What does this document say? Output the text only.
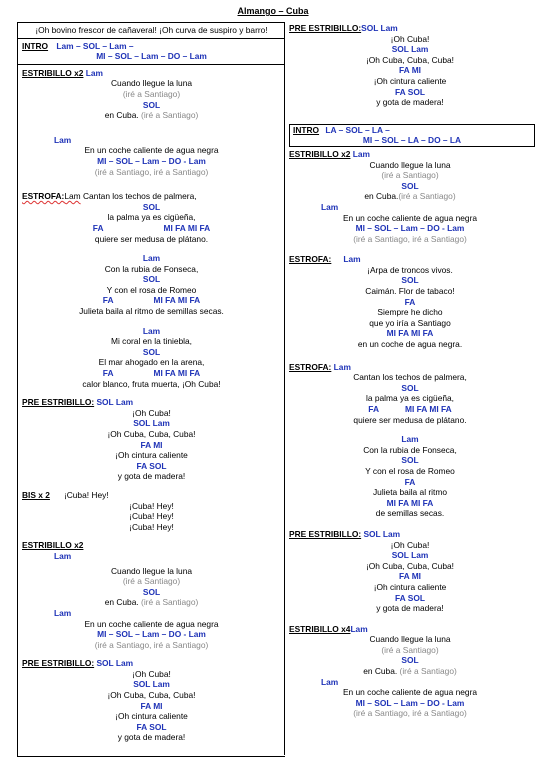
Almango – Cuba
¡Oh bovino frescor de cañaveral! ¡Oh curva de suspiro y barro!
INTRO Lam – SOL – Lam –
MI – SOL – Lam – DO – Lam
ESTRIBILLO x2 Lam
Cuando llegue la luna
(iré a Santiago)
SOL
en Cuba. (iré a Santiago)
Lam
En un coche caliente de agua negra
MI – SOL – Lam – DO - Lam
(iré a Santiago, iré a Santiago)
ESTROFA:Lam Cantan los techos de palmera,
SOL
la palma ya es cigüeña,
FA	MI FA MI FA
quiere ser medusa de plátano.
Lam
Con la rubia de Fonseca,
SOL
Y con el rosa de Romeo
FA	MI FA MI FA
Julieta baila al ritmo de semillas secas.
Lam
Mi coral en la tiniebla,
SOL
El mar ahogado en la arena,
FA	MI FA MI FA
calor blanco, fruta muerta, ¡Oh Cuba!
PRE ESTRIBILLO: SOL Lam
¡Oh Cuba!
SOL Lam
¡Oh Cuba, Cuba, Cuba!
FA MI
¡Oh cintura caliente
FA SOL
y gota de madera!
BIS x 2 ¡Cuba! Hey!
¡Cuba! Hey!
¡Cuba! Hey!
¡Cuba! Hey!
ESTRIBILLO x2
Lam
Cuando llegue la luna
(iré a Santiago)
SOL
en Cuba. (iré a Santiago)
Lam
En un coche caliente de agua negra
MI – SOL – Lam – DO - Lam
(iré a Santiago, iré a Santiago)
PRE ESTRIBILLO: SOL Lam
¡Oh Cuba!
SOL Lam
¡Oh Cuba, Cuba, Cuba!
FA MI
¡Oh cintura caliente
FA SOL
y gota de madera!
PRE ESTRIBILLO:SOL Lam
¡Oh Cuba!
SOL Lam
¡Oh Cuba, Cuba, Cuba!
FA MI
¡Oh cintura caliente
FA SOL
y gota de madera!
INTRO LA – SOL – LA –
MI – SOL – LA – DO – LA
ESTRIBILLO x2 Lam
Cuando llegue la luna
(iré a Santiago)
SOL
en Cuba.(iré a Santiago)
Lam
En un coche caliente de agua negra
MI – SOL – Lam – DO - Lam
(iré a Santiago, iré a Santiago)
ESTROFA: Lam
¡Arpa de troncos vivos.
SOL
Caimán. Flor de tabaco!
FA
Siempre he dicho
que yo iría a Santiago
MI FA MI FA
en un coche de agua negra.
ESTROFA: Lam
Cantan los techos de palmera,
SOL
la palma ya es cigüeña,
FA	MI FA MI FA
quiere ser medusa de plátano.
Lam
Con la rubia de Fonseca,
SOL
Y con el rosa de Romeo
FA
Julieta baila al ritmo
MI FA MI FA
de semillas secas.
PRE ESTRIBILLO: SOL Lam
¡Oh Cuba!
SOL Lam
¡Oh Cuba, Cuba, Cuba!
FA MI
¡Oh cintura caliente
FA SOL
y gota de madera!
ESTRIBILLO x4Lam
Cuando llegue la luna
(iré a Santiago)
SOL
en Cuba. (iré a Santiago)
Lam
En un coche caliente de agua negra
MI – SOL – Lam – DO - Lam
(iré a Santiago, iré a Santiago)
